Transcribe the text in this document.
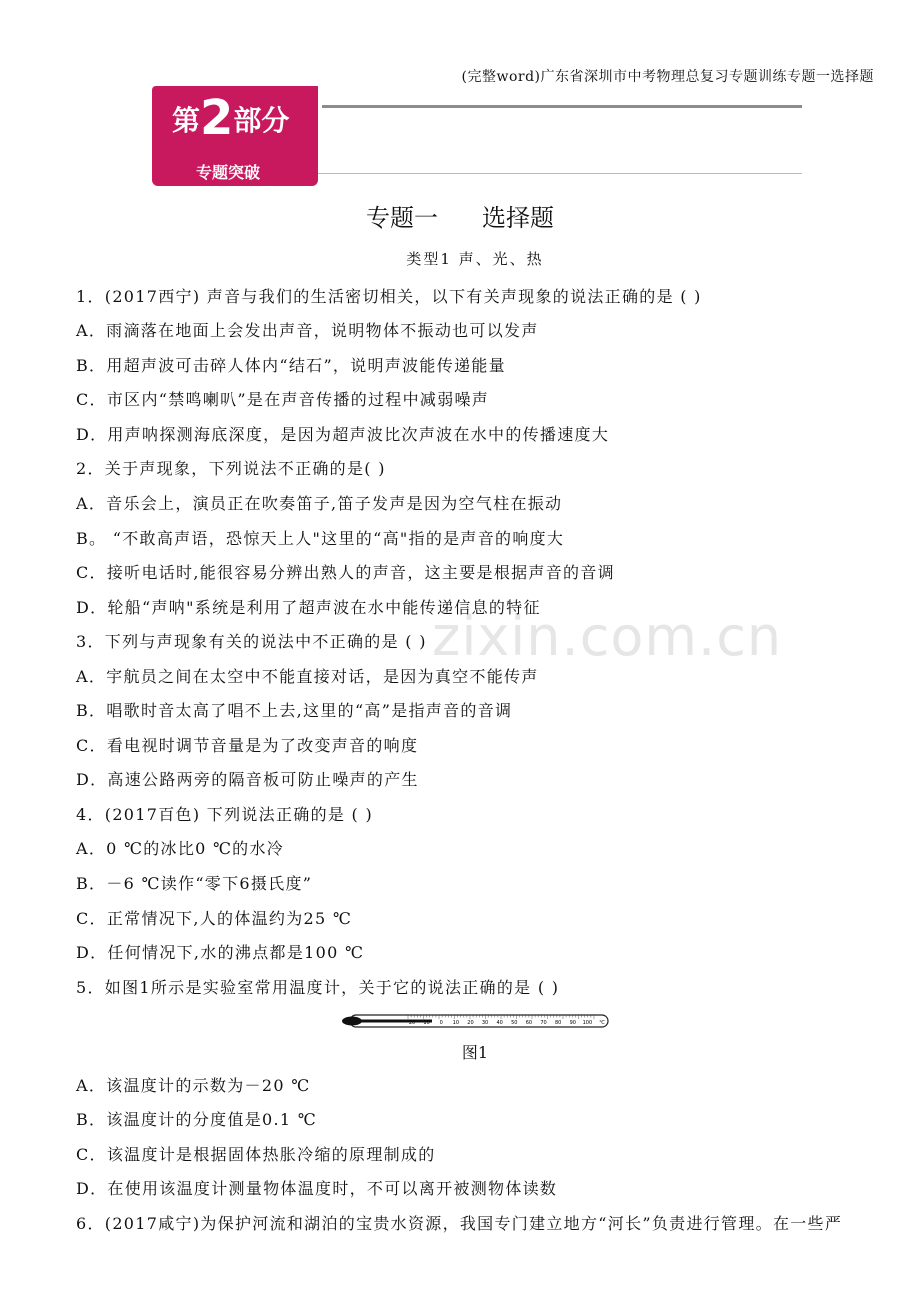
(完整word)广东省深圳市中考物理总复习专题训练专题一选择题
第2部分
专题突破
专题一 选择题
类型1 声、光、热
zixin.com.cn
1．(2017西宁) 声音与我们的生活密切相关，以下有关声现象的说法正确的是 ( )
A．雨滴落在地面上会发出声音，说明物体不振动也可以发声
B．用超声波可击碎人体内“结石”，说明声波能传递能量
C．市区内“禁鸣喇叭”是在声音传播的过程中减弱噪声
D．用声呐探测海底深度，是因为超声波比次声波在水中的传播速度大
2．关于声现象，下列说法不正确的是( )
A．音乐会上，演员正在吹奏笛子,笛子发声是因为空气柱在振动
B。 “不敢高声语，恐惊天上人"这里的“高"指的是声音的响度大
C．接听电话时,能很容易分辨出熟人的声音，这主要是根据声音的音调
D．轮船“声呐"系统是利用了超声波在水中能传递信息的特征
3．下列与声现象有关的说法中不正确的是 ( )
A．宇航员之间在太空中不能直接对话，是因为真空不能传声
B．唱歌时音太高了唱不上去,这里的“高”是指声音的音调
C．看电视时调节音量是为了改变声音的响度
D．高速公路两旁的隔音板可防止噪声的产生
4．(2017百色) 下列说法正确的是 ( )
A．0 ℃的冰比0 ℃的水冷
B．－6 ℃读作“零下6摄氏度”
C．正常情况下,人的体温约为25 ℃
D．任何情况下,水的沸点都是100 ℃
5．如图1所示是实验室常用温度计，关于它的说法正确的是 ( )
20 10 0 10 20 30 40 50 60 70 80 90 100 ℃
图1
A．该温度计的示数为－20 ℃
B．该温度计的分度值是0.1 ℃
C．该温度计是根据固体热胀冷缩的原理制成的
D．在使用该温度计测量物体温度时，不可以离开被测物体读数
6．(2017咸宁)为保护河流和湖泊的宝贵水资源，我国专门建立地方“河长”负责进行管理。在一些严
